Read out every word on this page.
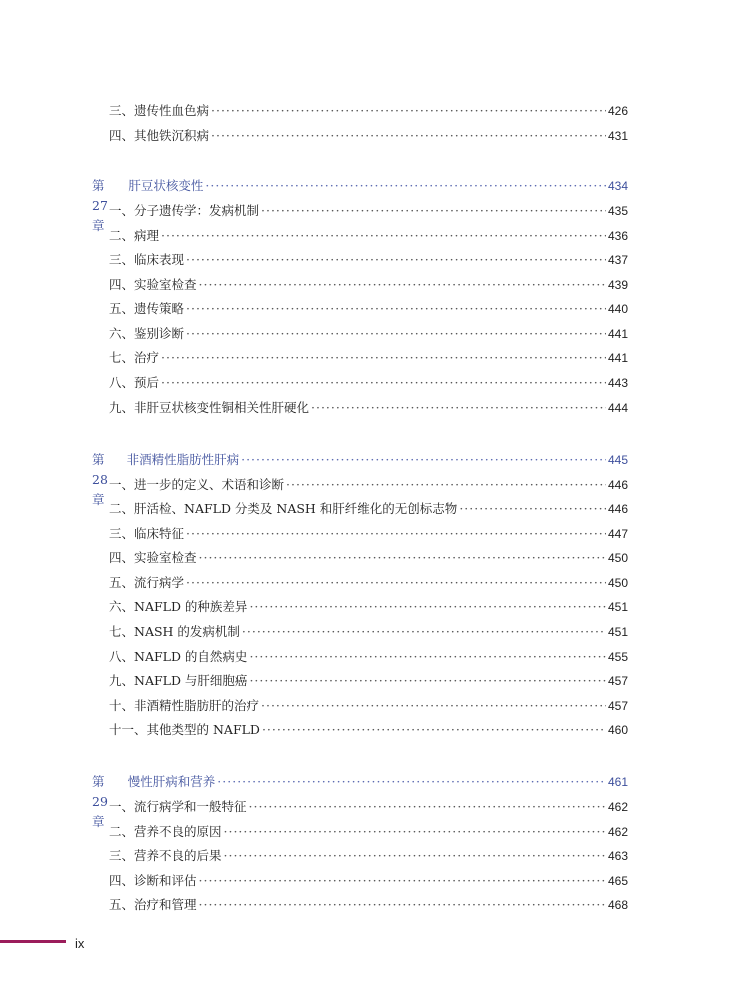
三、遗传性血色病 ·····	426
四、其他铁沉积病 ·····	431
第 27 章
肝豆状核变性 ·····	434
一、分子遗传学：发病机制 ·····	435
二、病理 ·····	436
三、临床表现 ·····	437
四、实验室检查 ·····	439
五、遗传策略 ·····	440
六、鉴别诊断 ·····	441
七、治疗 ·····	441
八、预后 ·····	443
九、非肝豆状核变性铜相关性肝硬化 ·····	444
第 28 章
非酒精性脂肪性肝病 ·····	445
一、进一步的定义、术语和诊断 ·····	446
二、肝活检、NAFLD 分类及 NASH 和肝纤维化的无创标志物 ·····	446
三、临床特征 ·····	447
四、实验室检查 ·····	450
五、流行病学 ·····	450
六、NAFLD 的种族差异 ·····	451
七、NASH 的发病机制 ·····	451
八、NAFLD 的自然病史 ·····	455
九、NAFLD 与肝细胞癌 ·····	457
十、非酒精性脂肪肝的治疗 ·····	457
十一、其他类型的 NAFLD ·····	460
第 29 章
慢性肝病和营养 ·····	461
一、流行病学和一般特征 ·····	462
二、营养不良的原因 ·····	462
三、营养不良的后果 ·····	463
四、诊断和评估 ·····	465
五、治疗和管理 ·····	468
ix
